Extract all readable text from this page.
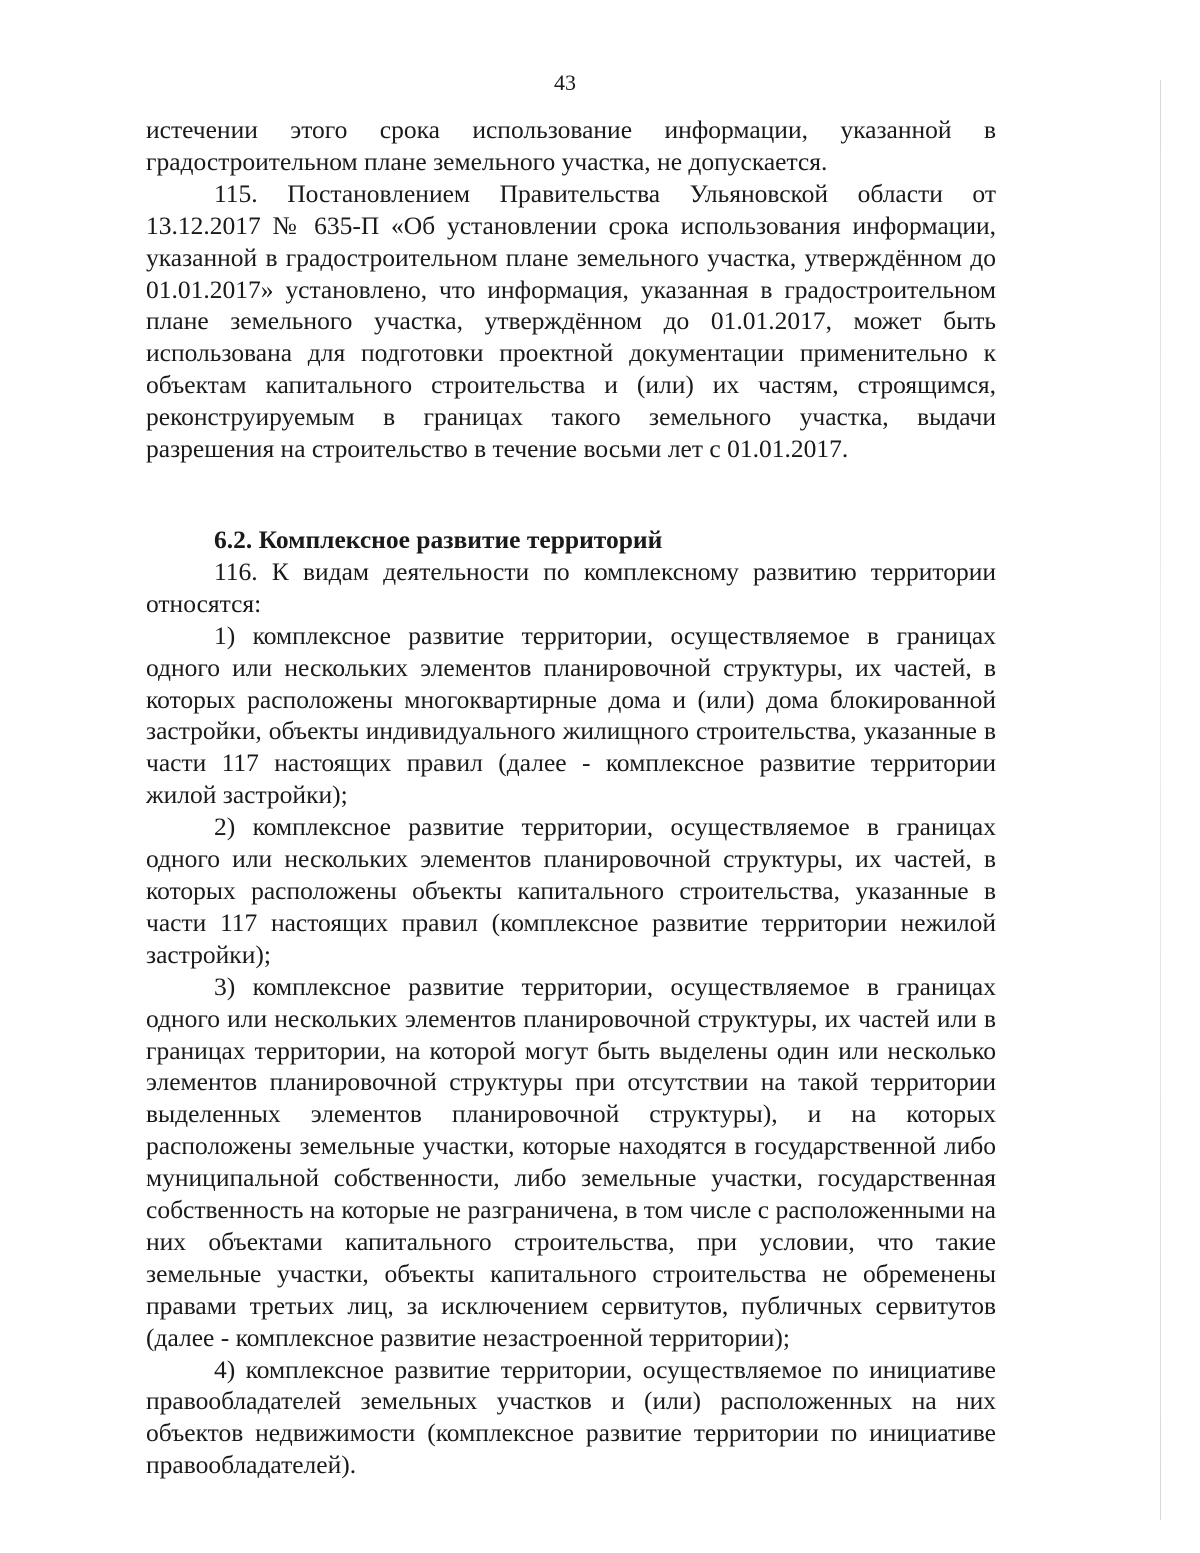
43

истечении этого срока использование информации, указанной в градостроительном плане земельного участка, не допускается.

115. Постановлением Правительства Ульяновской области от 13.12.2017 № 635-П «Об установлении срока использования информации, указанной в градостроительном плане земельного участка, утверждённом до 01.01.2017» установлено, что информация, указанная в градостроительном плане земельного участка, утверждённом до 01.01.2017, может быть использована для подготовки проектной документации применительно к объектам капитального строительства и (или) их частям, строящимся, реконструируемым в границах такого земельного участка, выдачи разрешения на строительство в течение восьми лет с 01.01.2017.

6.2. Комплексное развитие территорий

116. К видам деятельности по комплексному развитию территории относятся:

1) комплексное развитие территории, осуществляемое в границах одного или нескольких элементов планировочной структуры, их частей, в которых расположены многоквартирные дома и (или) дома блокированной застройки, объекты индивидуального жилищного строительства, указанные в части 117 настоящих правил (далее - комплексное развитие территории жилой застройки);

2) комплексное развитие территории, осуществляемое в границах одного или нескольких элементов планировочной структуры, их частей, в которых расположены объекты капитального строительства, указанные в части 117 настоящих правил (комплексное развитие территории нежилой застройки);

3) комплексное развитие территории, осуществляемое в границах одного или нескольких элементов планировочной структуры, их частей или в границах территории, на которой могут быть выделены один или несколько элементов планировочной структуры при отсутствии на такой территории выделенных элементов планировочной структуры), и на которых расположены земельные участки, которые находятся в государственной либо муниципальной собственности, либо земельные участки, государственная собственность на которые не разграничена, в том числе с расположенными на них объектами капитального строительства, при условии, что такие земельные участки, объекты капитального строительства не обременены правами третьих лиц, за исключением сервитутов, публичных сервитутов (далее - комплексное развитие незастроенной территории);

4) комплексное развитие территории, осуществляемое по инициативе правообладателей земельных участков и (или) расположенных на них объектов недвижимости (комплексное развитие территории по инициативе правообладателей).
